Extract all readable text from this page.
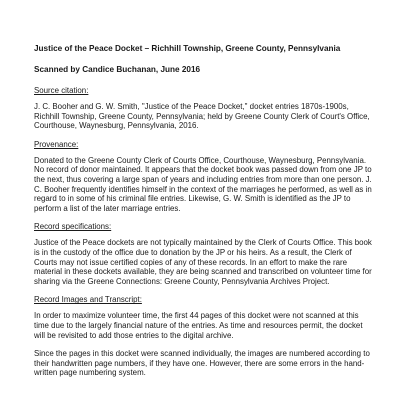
Justice of the Peace Docket – Richhill Township, Greene County, Pennsylvania

Scanned by Candice Buchanan, June 2016

Source citation:

J. C. Booher and G. W. Smith, "Justice of the Peace Docket," docket entries 1870s-1900s, Richhill Township, Greene County, Pennsylvania; held by Greene County Clerk of Court's Office, Courthouse, Waynesburg, Pennsylvania, 2016.

Provenance:

Donated to the Greene County Clerk of Courts Office, Courthouse, Waynesburg, Pennsylvania. No record of donor maintained. It appears that the docket book was passed down from one JP to the next, thus covering a large span of years and including entries from more than one person. J. C. Booher frequently identifies himself in the context of the marriages he performed, as well as in regard to in some of his criminal file entries. Likewise, G. W. Smith is identified as the JP to perform a list of the later marriage entries.

Record specifications:

Justice of the Peace dockets are not typically maintained by the Clerk of Courts Office. This book is in the custody of the office due to donation by the JP or his heirs. As a result, the Clerk of Courts may not issue certified copies of any of these records. In an effort to make the rare material in these dockets available, they are being scanned and transcribed on volunteer time for sharing via the Greene Connections: Greene County, Pennsylvania Archives Project.

Record Images and Transcript:

In order to maximize volunteer time, the first 44 pages of this docket were not scanned at this time due to the largely financial nature of the entries. As time and resources permit, the docket will be revisited to add those entries to the digital archive.

Since the pages in this docket were scanned individually, the images are numbered according to their handwritten page numbers, if they have one. However, there are some errors in the hand-written page numbering system.
